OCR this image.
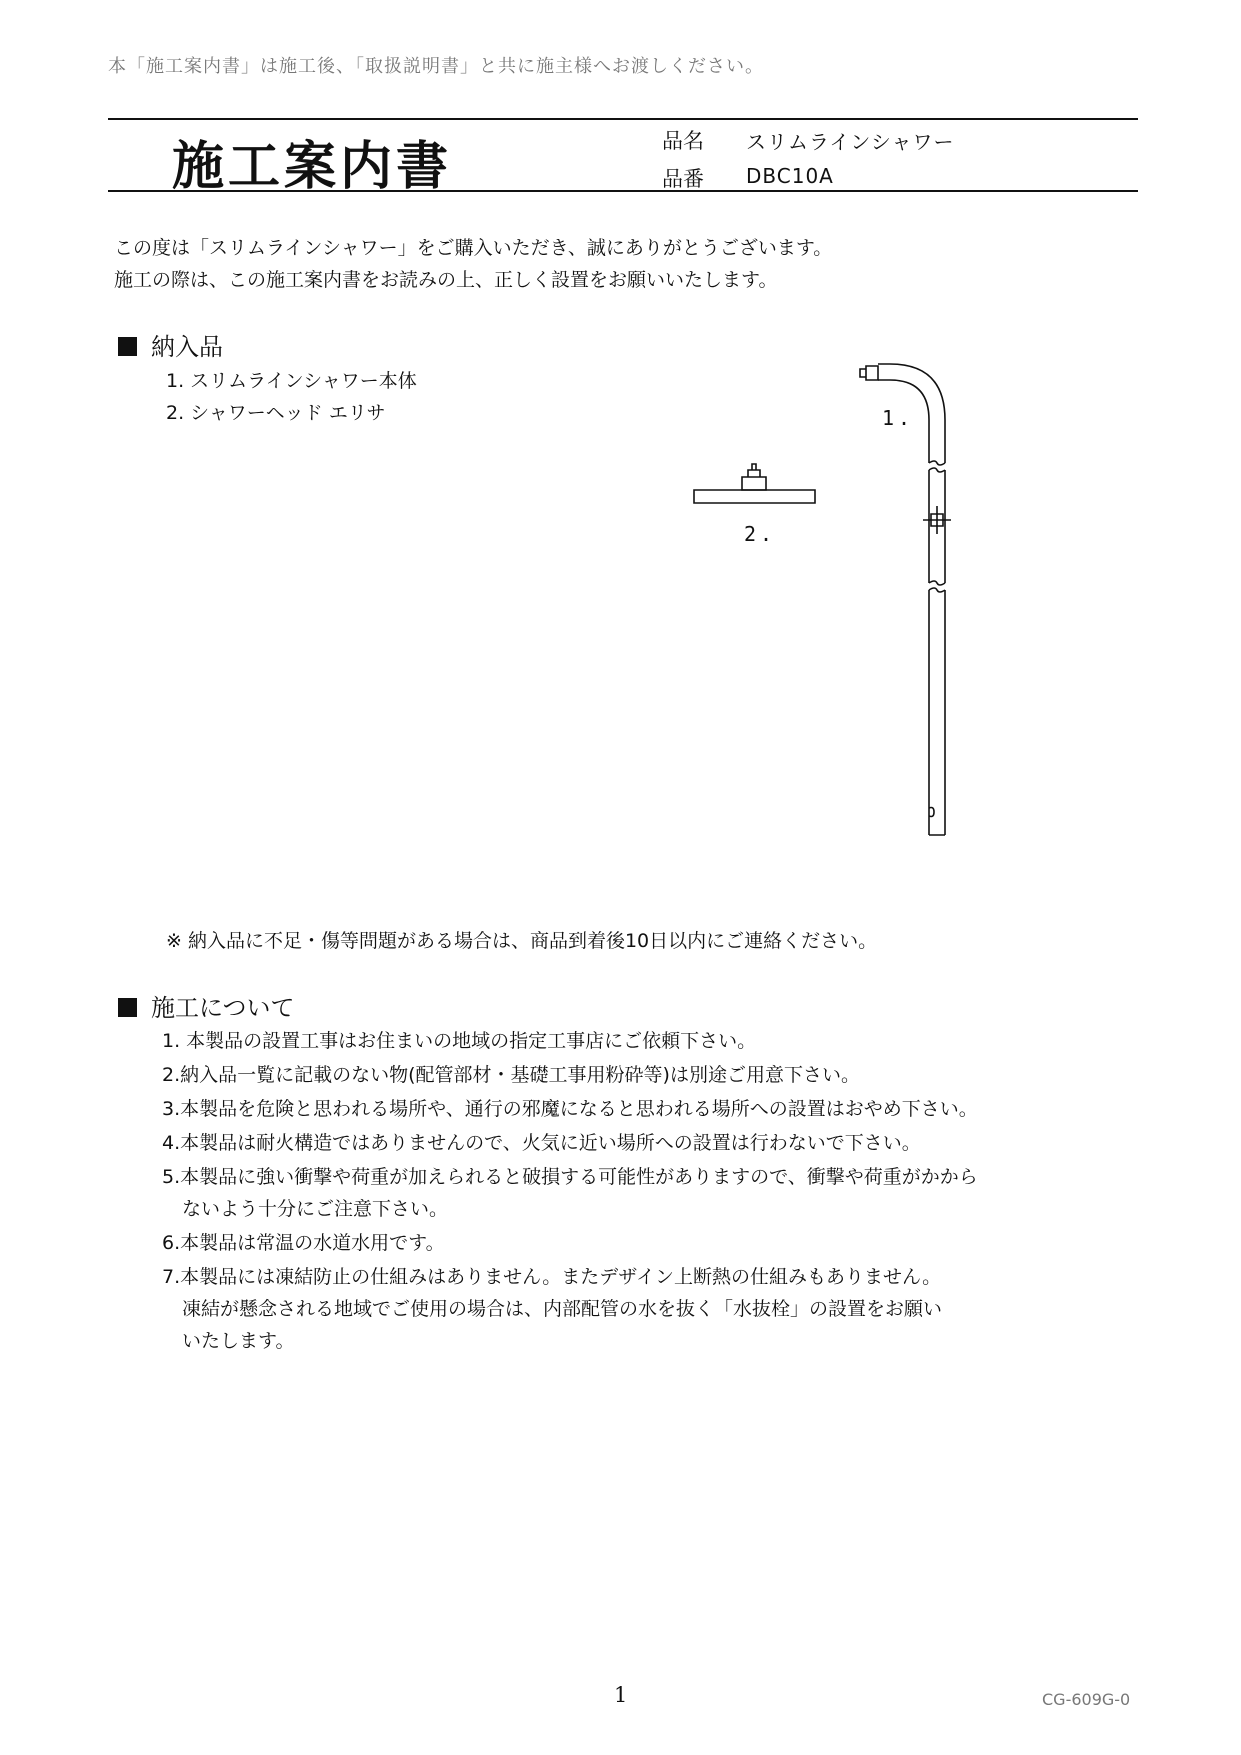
本「施工案内書」は施工後、「取扱説明書」と共に施主様へお渡しください。
施工案内書	品名 スリムラインシャワー
品番 DBC10A
この度は「スリムラインシャワー」をご購入いただき、誠にありがとうございます。
施工の際は、この施工案内書をお読みの上、正しく設置をお願いいたします。
納入品
1. スリムラインシャワー本体
2. シャワーヘッド エリサ	1.
2.
※ 納入品に不足・傷等問題がある場合は、商品到着後10日以内にご連絡ください。
施工について
1. 本製品の設置工事はお住まいの地域の指定工事店にご依頼下さい。
2.納入品一覧に記載のない物(配管部材・基礎工事用粉砕等)は別途ご用意下さい。
3.本製品を危険と思われる場所や、通行の邪魔になると思われる場所への設置はおやめ下さい。
4.本製品は耐火構造ではありませんので、火気に近い場所への設置は行わないで下さい。
5.本製品に強い衝撃や荷重が加えられると破損する可能性がありますので、衝撃や荷重がかから
ないよう十分にご注意下さい。
6.本製品は常温の水道水用です。
7.本製品には凍結防止の仕組みはありません。またデザイン上断熱の仕組みもありません。
凍結が懸念される地域でご使用の場合は、内部配管の水を抜く「水抜栓」の設置をお願い
いたします。
1	CG-609G-0
